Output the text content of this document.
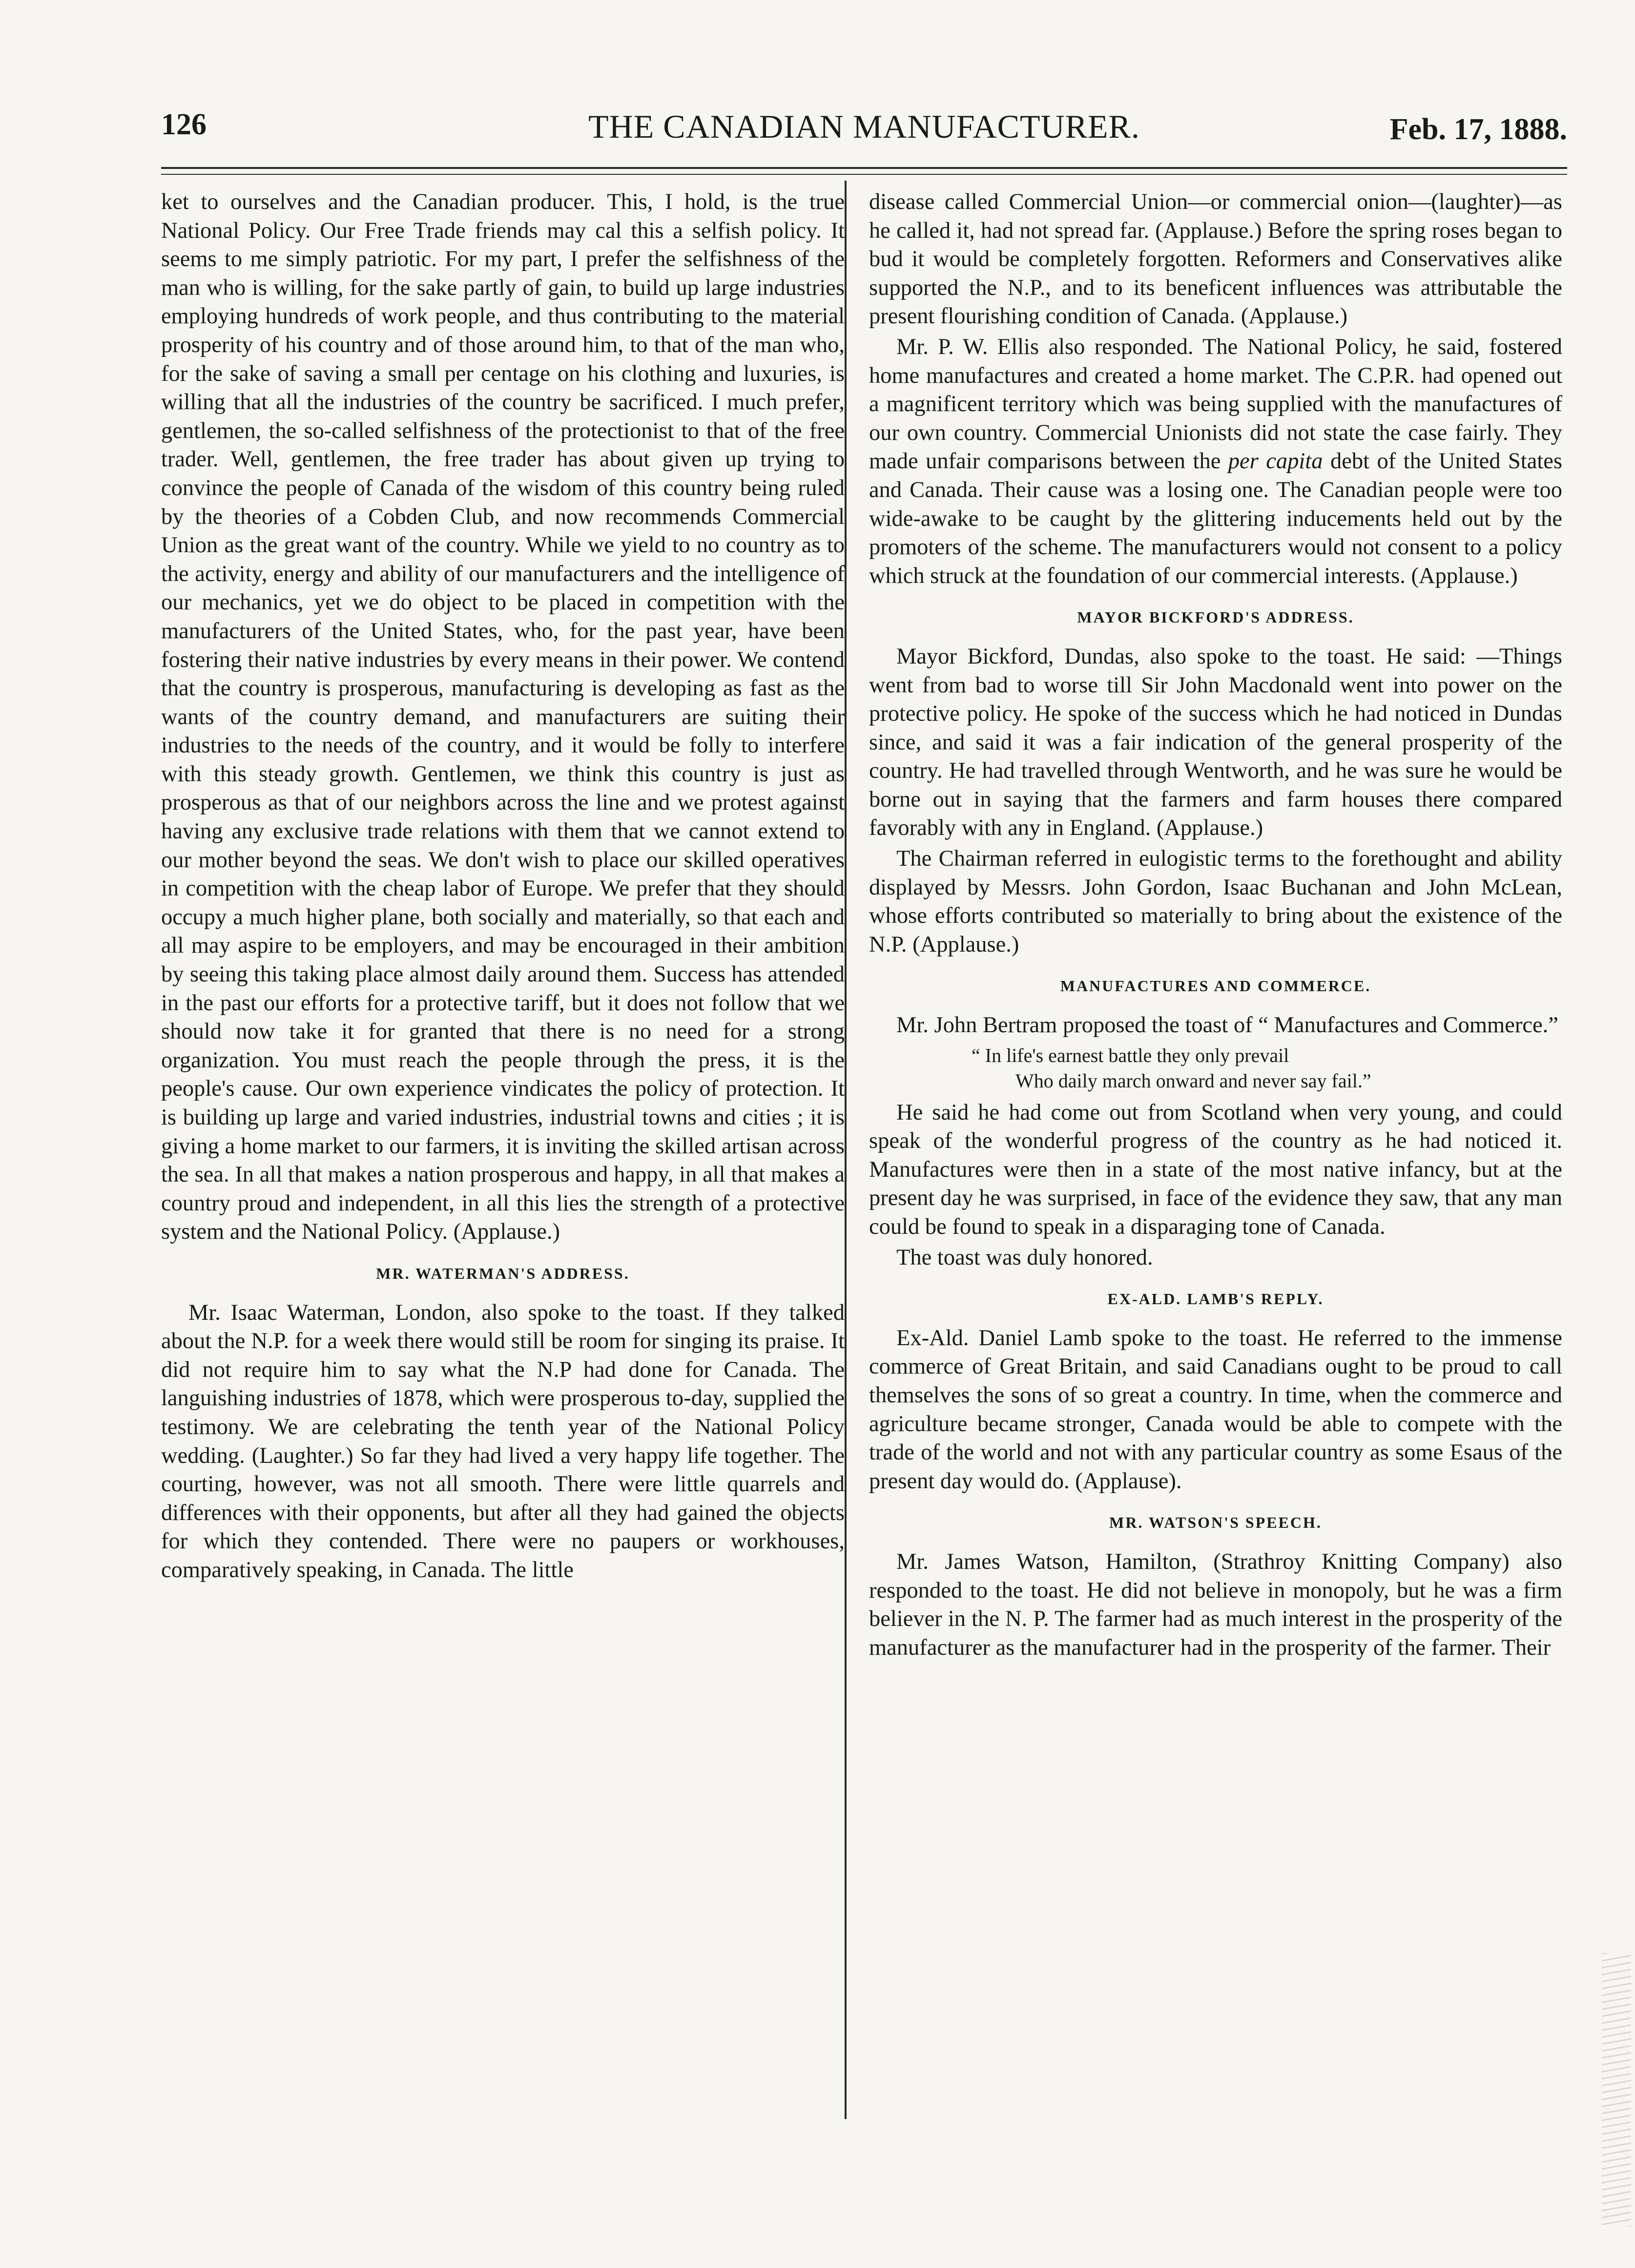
126	THE CANADIAN MANUFACTURER.	Feb. 17, 1888.

ket to ourselves and the Canadian producer. This, I hold, is the true National Policy. Our Free Trade friends may cal this a selfish policy. It seems to me simply patriotic. For my part, I prefer the selfishness of the man who is willing, for the sake partly of gain, to build up large industries employing hundreds of work people, and thus contributing to the material prosperity of his country and of those around him, to that of the man who, for the sake of saving a small per centage on his clothing and luxuries, is willing that all the industries of the country be sacrificed. I much prefer, gentlemen, the so-called selfishness of the protectionist to that of the free trader. Well, gentlemen, the free trader has about given up trying to convince the people of Canada of the wisdom of this country being ruled by the theories of a Cobden Club, and now recommends Commercial Union as the great want of the country. While we yield to no country as to the activity, energy and ability of our manufacturers and the intelligence of our mechanics, yet we do object to be placed in competition with the manufacturers of the United States, who, for the past year, have been fostering their native industries by every means in their power. We contend that the country is prosperous, manufacturing is developing as fast as the wants of the country demand, and manufacturers are suiting their industries to the needs of the country, and it would be folly to interfere with this steady growth. Gentlemen, we think this country is just as prosperous as that of our neighbors across the line and we protest against having any exclusive trade relations with them that we cannot extend to our mother beyond the seas. We don't wish to place our skilled operatives in competition with the cheap labor of Europe. We prefer that they should occupy a much higher plane, both socially and materially, so that each and all may aspire to be employers, and may be encouraged in their ambition by seeing this taking place almost daily around them. Success has attended in the past our efforts for a protective tariff, but it does not follow that we should now take it for granted that there is no need for a strong organization. You must reach the people through the press, it is the people's cause. Our own experience vindicates the policy of protection. It is building up large and varied industries, industrial towns and cities ; it is giving a home market to our farmers, it is inviting the skilled artisan across the sea. In all that makes a nation prosperous and happy, in all that makes a country proud and independent, in all this lies the strength of a protective system and the National Policy. (Applause.)

MR. WATERMAN'S ADDRESS.

Mr. Isaac Waterman, London, also spoke to the toast. If they talked about the N.P. for a week there would still be room for singing its praise. It did not require him to say what the N.P had done for Canada. The languishing industries of 1878, which were prosperous to-day, supplied the testimony. We are celebrating the tenth year of the National Policy wedding. (Laughter.) So far they had lived a very happy life together. The courting, however, was not all smooth. There were little quarrels and differences with their opponents, but after all they had gained the objects for which they contended. There were no paupers or workhouses, comparatively speaking, in Canada. The little

disease called Commercial Union—or commercial onion—(laughter)—as he called it, had not spread far. (Applause.) Before the spring roses began to bud it would be completely forgotten. Reformers and Conservatives alike supported the N.P., and to its beneficent influences was attributable the present flourishing condition of Canada. (Applause.)

Mr. P. W. Ellis also responded. The National Policy, he said, fostered home manufactures and created a home market. The C.P.R. had opened out a magnificent territory which was being supplied with the manufactures of our own country. Commercial Unionists did not state the case fairly. They made unfair comparisons between the per capita debt of the United States and Canada. Their cause was a losing one. The Canadian people were too wide-awake to be caught by the glittering inducements held out by the promoters of the scheme. The manufacturers would not consent to a policy which struck at the foundation of our commercial interests. (Applause.)

MAYOR BICKFORD'S ADDRESS.

Mayor Bickford, Dundas, also spoke to the toast. He said: —Things went from bad to worse till Sir John Macdonald went into power on the protective policy. He spoke of the success which he had noticed in Dundas since, and said it was a fair indication of the general prosperity of the country. He had travelled through Wentworth, and he was sure he would be borne out in saying that the farmers and farm houses there compared favorably with any in England. (Applause.)

The Chairman referred in eulogistic terms to the forethought and ability displayed by Messrs. John Gordon, Isaac Buchanan and John McLean, whose efforts contributed so materially to bring about the existence of the N.P. (Applause.)

MANUFACTURES AND COMMERCE.

Mr. John Bertram proposed the toast of “ Manufactures and Commerce.”

“ In life's earnest battle they only prevail
Who daily march onward and never say fail.”

He said he had come out from Scotland when very young, and could speak of the wonderful progress of the country as he had noticed it. Manufactures were then in a state of the most native infancy, but at the present day he was surprised, in face of the evidence they saw, that any man could be found to speak in a disparaging tone of Canada.

The toast was duly honored.

EX-ALD. LAMB'S REPLY.

Ex-Ald. Daniel Lamb spoke to the toast. He referred to the immense commerce of Great Britain, and said Canadians ought to be proud to call themselves the sons of so great a country. In time, when the commerce and agriculture became stronger, Canada would be able to compete with the trade of the world and not with any particular country as some Esaus of the present day would do. (Applause).

MR. WATSON'S SPEECH.

Mr. James Watson, Hamilton, (Strathroy Knitting Company) also responded to the toast. He did not believe in monopoly, but he was a firm believer in the N. P. The farmer had as much interest in the prosperity of the manufacturer as the manufacturer had in the prosperity of the farmer. Their
